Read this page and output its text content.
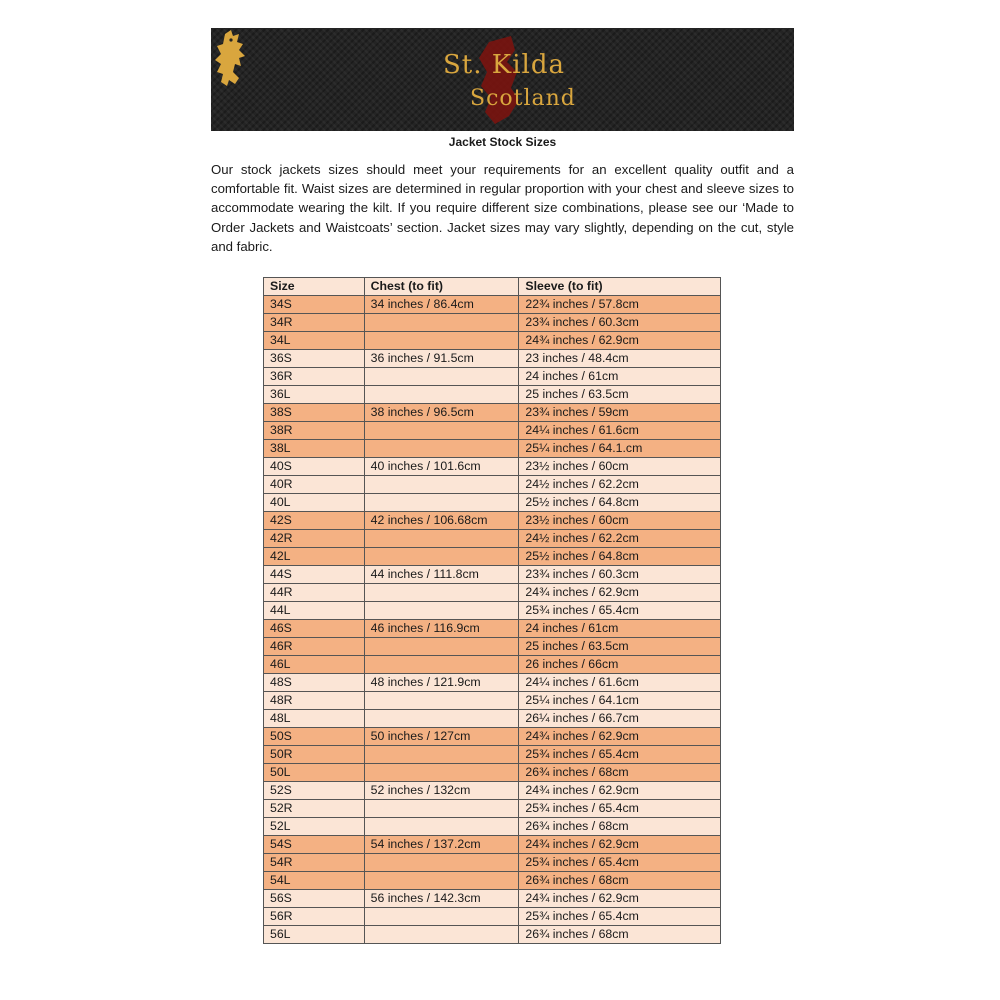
St. Kilda
Scotland
Jacket Stock Sizes
Our stock jackets sizes should meet your requirements for an excellent quality outfit and a comfortable fit. Waist sizes are determined in regular proportion with your chest and sleeve sizes to accommodate wearing the kilt. If you require different size combinations, please see our ‘Made to Order Jackets and Waistcoats’ section. Jacket sizes may vary slightly, depending on the cut, style and fabric.
Size	Chest (to fit)	Sleeve (to fit)
34S	34 inches / 86.4cm	22¾ inches / 57.8cm
34R		23¾ inches / 60.3cm
34L		24¾ inches / 62.9cm
36S	36 inches / 91.5cm	23 inches / 48.4cm
36R		24 inches / 61cm
36L		25 inches / 63.5cm
38S	38 inches / 96.5cm	23¾ inches / 59cm
38R		24¼ inches / 61.6cm
38L		25¼ inches / 64.1.cm
40S	40 inches / 101.6cm	23½ inches / 60cm
40R		24½ inches / 62.2cm
40L		25½ inches / 64.8cm
42S	42 inches / 106.68cm	23½ inches / 60cm
42R		24½ inches / 62.2cm
42L		25½ inches / 64.8cm
44S	44 inches / 111.8cm	23¾ inches / 60.3cm
44R		24¾ inches / 62.9cm
44L		25¾ inches / 65.4cm
46S	46 inches / 116.9cm	24 inches / 61cm
46R		25 inches / 63.5cm
46L		26 inches / 66cm
48S	48 inches / 121.9cm	24¼ inches / 61.6cm
48R		25¼ inches / 64.1cm
48L		26¼ inches / 66.7cm
50S	50 inches / 127cm	24¾ inches / 62.9cm
50R		25¾ inches / 65.4cm
50L		26¾ inches / 68cm
52S	52 inches / 132cm	24¾ inches / 62.9cm
52R		25¾ inches / 65.4cm
52L		26¾ inches / 68cm
54S	54 inches / 137.2cm	24¾ inches / 62.9cm
54R		25¾ inches / 65.4cm
54L		26¾ inches / 68cm
56S	56 inches / 142.3cm	24¾ inches / 62.9cm
56R		25¾ inches / 65.4cm
56L		26¾ inches / 68cm
